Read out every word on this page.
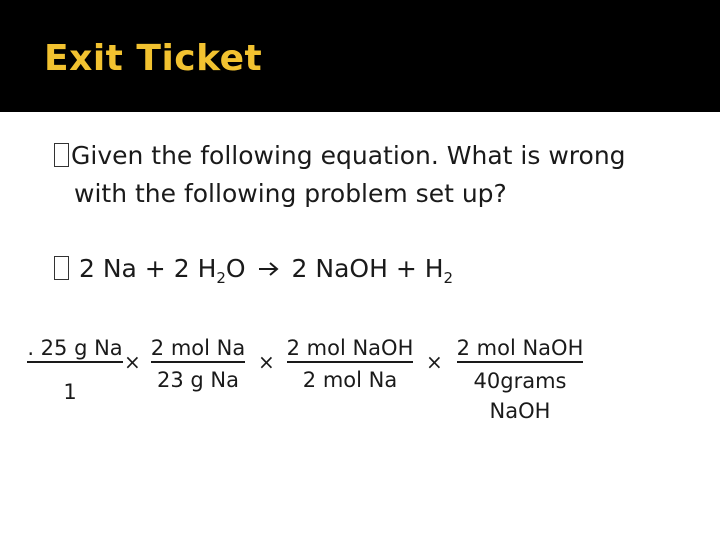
Exit Ticket
Given the following equation. What is wrong
with the following problem set up?
2 Na + 2 $H_2O$ 2 NaOH + $H_2$
. 25 g Na
1
×
2 mol Na
23 g Na
×
2 mol NaOH
2 mol Na
×
2 mol NaOH
40grams
NaOH
